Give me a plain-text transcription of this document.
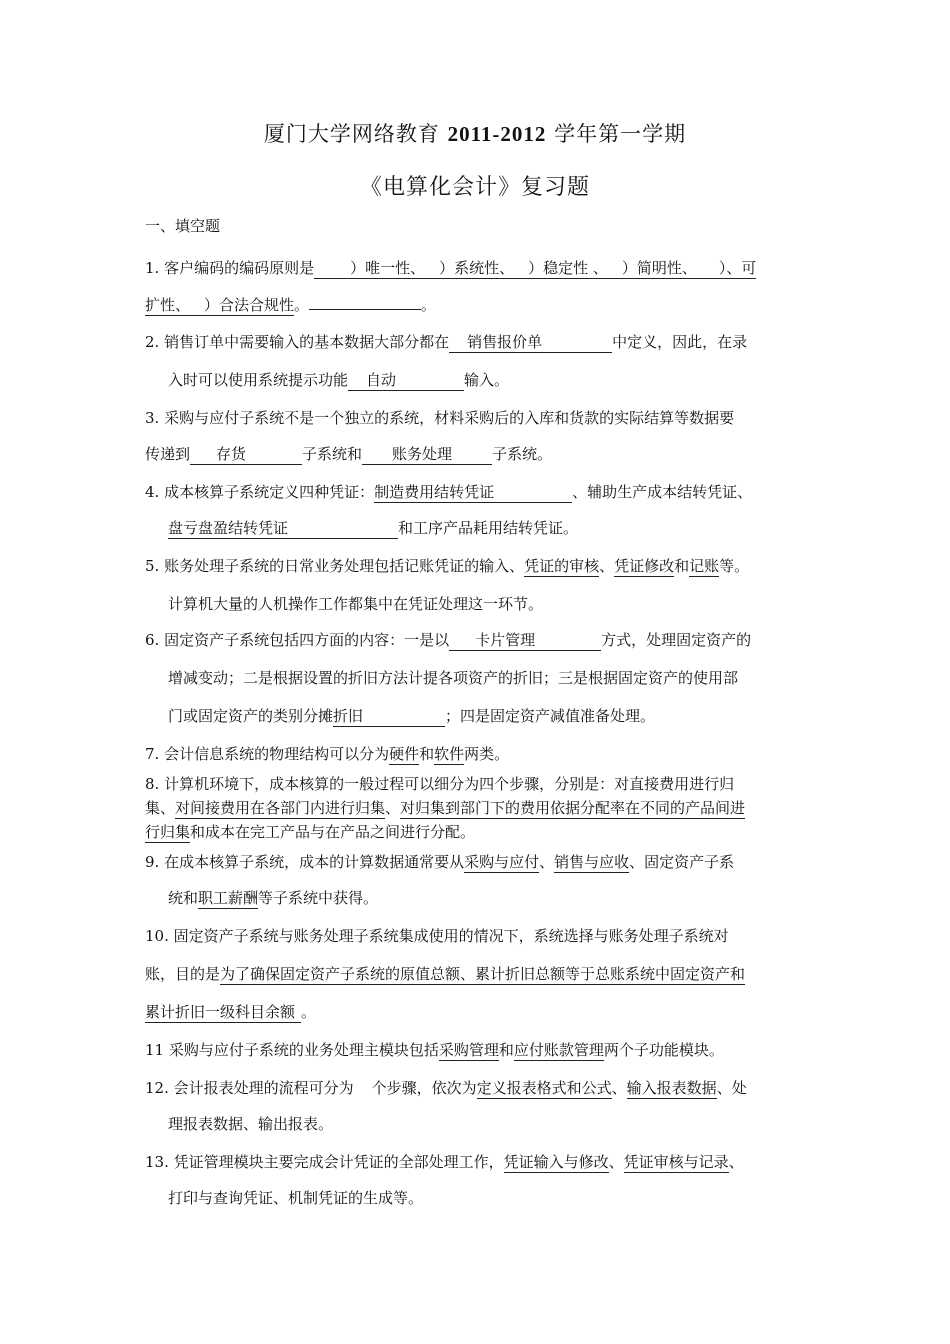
厦门大学网络教育 2011-2012 学年第一学期
《电算化会计》复习题
一、填空题
1. 客户编码的编码原则是 ）唯一性、 ）系统性、 ）稳定性 、 ）简明性、 ）、可
扩性、 ）合法合规性。	。
2. 销售订单中需要输入的基本数据大部分都在 销售报价单	中定义，因此，在录
入时可以使用系统提示功能 自动	输入。
3. 采购与应付子系统不是一个独立的系统，材料采购后的入库和货款的实际结算等数据要
传递到 存货	子系统和 账务处理	子系统。
4. 成本核算子系统定义四种凭证：制造费用结转凭证	、辅助生产成本结转凭证、
盘亏盘盈结转凭证	和工序产品耗用结转凭证。
5. 账务处理子系统的日常业务处理包括记账凭证的输入、凭证的审核、凭证修改和记账等。
计算机大量的人机操作工作都集中在凭证处理这一环节。
6. 固定资产子系统包括四方面的内容：一是以 卡片管理	方式，处理固定资产的
增减变动；二是根据设置的折旧方法计提各项资产的折旧；三是根据固定资产的使用部
门或固定资产的类别分摊折旧	；四是固定资产减值准备处理。
7. 会计信息系统的物理结构可以分为硬件和软件两类。
8. 计算机环境下，成本核算的一般过程可以细分为四个步骤，分别是：对直接费用进行归
集、对间接费用在各部门内进行归集、对归集到部门下的费用依据分配率在不同的产品间进
行归集和成本在完工产品与在产品之间进行分配。
9. 在成本核算子系统，成本的计算数据通常要从采购与应付、销售与应收、固定资产子系
统和职工薪酬等子系统中获得。
10. 固定资产子系统与账务处理子系统集成使用的情况下，系统选择与账务处理子系统对
账，目的是为了确保固定资产子系统的原值总额、累计折旧总额等于总账系统中固定资产和
累计折旧一级科目余额 。
11 采购与应付子系统的业务处理主模块包括采购管理和应付账款管理两个子功能模块。
12. 会计报表处理的流程可分为 个步骤，依次为定义报表格式和公式、输入报表数据、处
理报表数据、输出报表。
13. 凭证管理模块主要完成会计凭证的全部处理工作，凭证输入与修改、凭证审核与记录、
打印与查询凭证、机制凭证的生成等。
